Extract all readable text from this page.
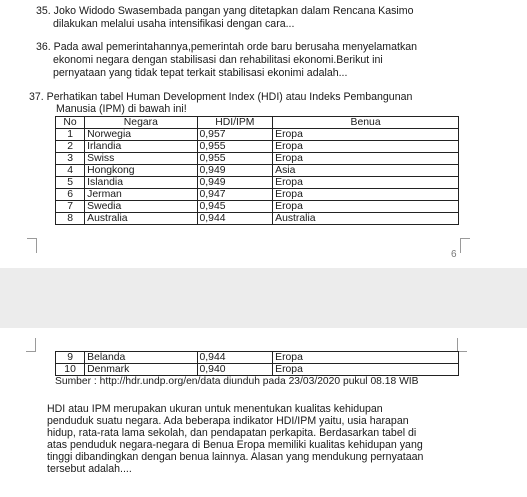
35. Joko Widodo Swasembada pangan yang ditetapkan dalam Rencana Kasimo
dilakukan melalui usaha intensifikasi dengan cara...
36. Pada awal pemerintahannya,pemerintah orde baru berusaha menyelamatkan
ekonomi negara dengan stabilisasi dan rehabilitasi ekonomi.Berikut ini
pernyataan yang tidak tepat terkait stabilisasi ekonimi adalah...
37. Perhatikan tabel Human Development Index (HDI) atau Indeks Pembangunan
Manusia (IPM) di bawah ini!
No	Negara	HDI/IPM	Benua
1	Norwegia	0,957	Eropa
2	Irlandia	0,955	Eropa
3	Swiss	0,955	Eropa
4	Hongkong	0,949	Asia
5	Islandia	0,949	Eropa
6	Jerman	0,947	Eropa
7	Swedia	0,945	Eropa
8	Australia	0,944	Australia
6
9	Belanda	0,944	Eropa
10	Denmark	0,940	Eropa
Sumber : http://hdr.undp.org/en/data diunduh pada 23/03/2020 pukul 08.18 WIB
HDI atau IPM merupakan ukuran untuk menentukan kualitas kehidupan
penduduk suatu negara. Ada beberapa indikator HDI/IPM yaitu, usia harapan
hidup, rata-rata lama sekolah, dan pendapatan perkapita. Berdasarkan tabel di
atas penduduk negara-negara di Benua Eropa memiliki kualitas kehidupan yang
tinggi dibandingkan dengan benua lainnya. Alasan yang mendukung pernyataan
tersebut adalah....
